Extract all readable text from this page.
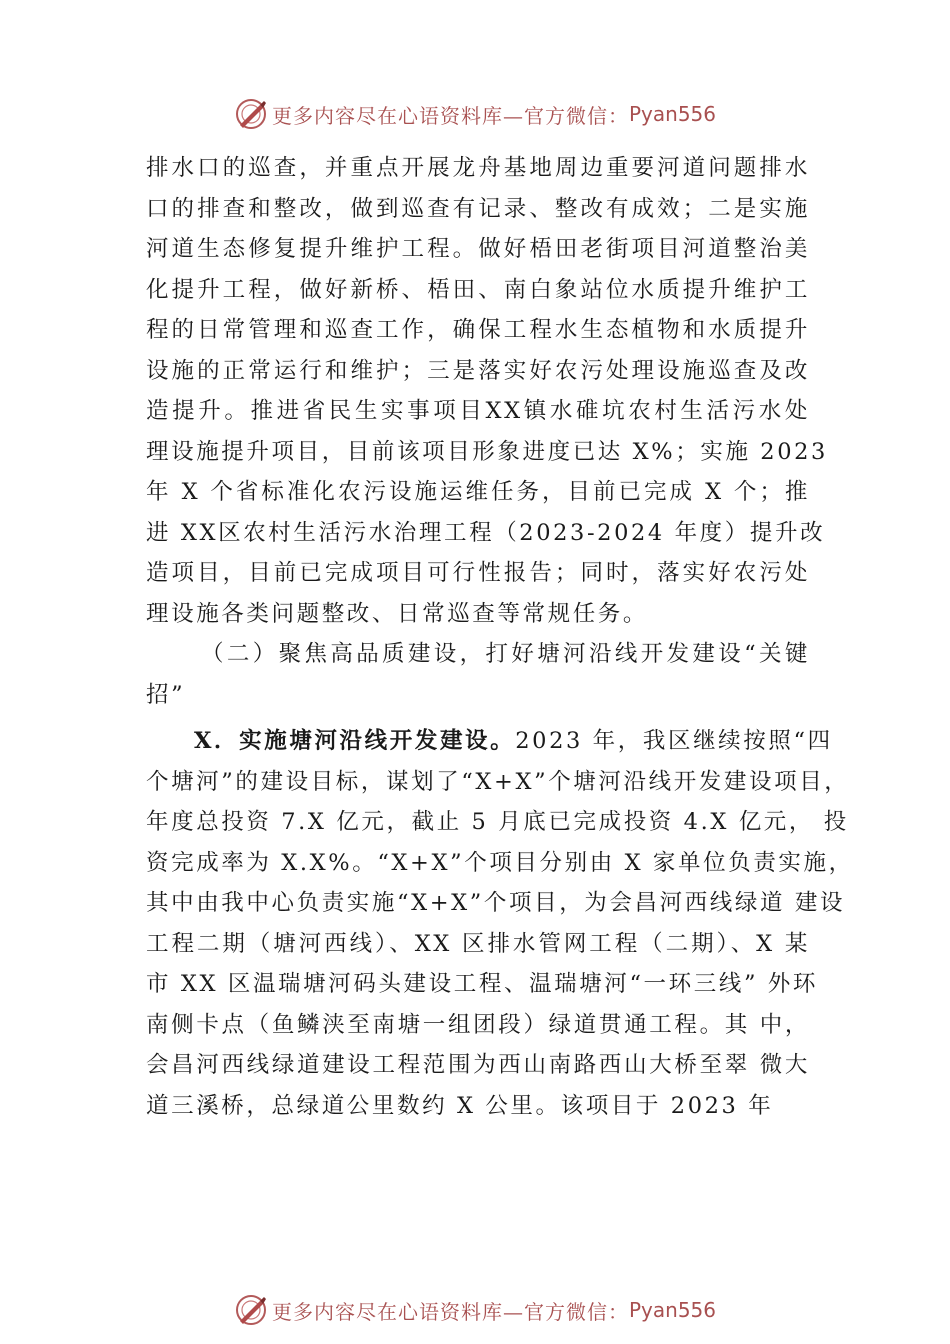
更多内容尽在心语资料库—官方微信： Pyan556
排水口的巡查，并重点开展龙舟基地周边重要河道问题排水
口的排查和整改，做到巡查有记录、整改有成效；二是实施
河道生态修复提升维护工程。做好梧田老街项目河道整治美
化提升工程，做好新桥、梧田、南白象站位水质提升维护工
程的日常管理和巡查工作，确保工程水生态植物和水质提升
设施的正常运行和维护；三是落实好农污处理设施巡查及改
造提升。推进省民生实事项目XX镇水碓坑农村生活污水处
理设施提升项目，目前该项目形象进度已达 X%；实施 2023
年 X 个省标准化农污设施运维任务，目前已完成 X 个；推
进 XX区农村生活污水治理工程（2023-2024 年度）提升改
造项目，目前已完成项目可行性报告；同时，落实好农污处
理设施各类问题整改、日常巡查等常规任务。
（二）聚焦高品质建设，打好塘河沿线开发建设“关键
招”
X．实施塘河沿线开发建设。2023 年，我区继续按照“四
个塘河”的建设目标，谋划了“X+X”个塘河沿线开发建设项目，
年度总投资 7.X 亿元，截止 5 月底已完成投资 4.X 亿元， 投
资完成率为 X.X%。“X+X”个项目分别由 X 家单位负责实施，
其中由我中心负责实施“X+X”个项目，为会昌河西线绿道 建设
工程二期（塘河西线）、XX 区排水管网工程（二期）、X 某
市 XX 区温瑞塘河码头建设工程、温瑞塘河“一环三线” 外环
南侧卡点（鱼鳞浃至南塘一组团段）绿道贯通工程。其 中，
会昌河西线绿道建设工程范围为西山南路西山大桥至翠 微大
道三溪桥，总绿道公里数约 X 公里。该项目于 2023 年
更多内容尽在心语资料库—官方微信： Pyan556
